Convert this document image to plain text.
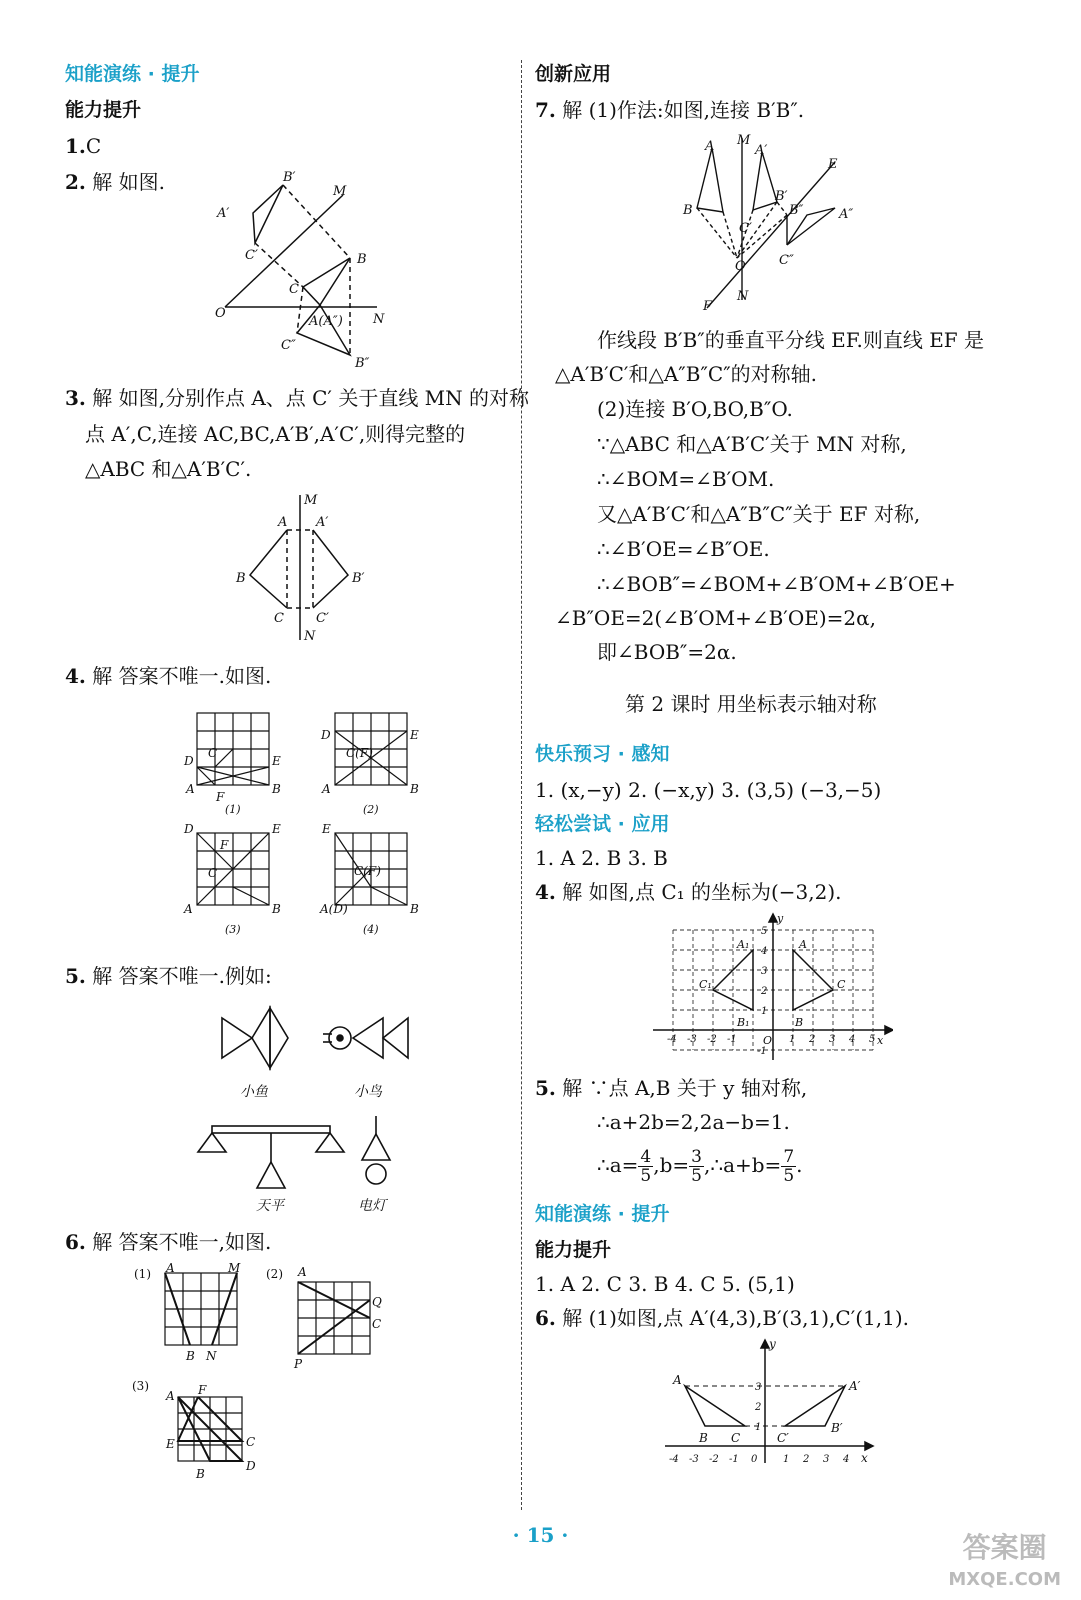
知能演练 · 提升
能力提升
1.C
2. 解 如图.	B′
A′
C′
M
B
C
O	N
A(A″)
C″
B″
3. 解 如图,分别作点 A、点 C′ 关于直线 MN 的对称
点 A′,C,连接 AC,BC,A′B′,A′C′,则得完整的
△ABC 和△A′B′C′.
M
A A′
B	B′
C C′
N
4. 解 答案不唯一.如图.
D	E
C
A	B
F
D	E
C(F)
A	B
D	E
F
C
A	B
E
C(F)
A(D)	B
(1)	(2)
(3)	(4)
5. 解 答案不唯一.例如:
小鱼	小鸟
天平	电灯
6. 解 答案不唯一,如图.
(1) A	M
B N
(2) A
Q
C
P
(3)
A F
E	C
D
B
创新应用
7. 解 (1)作法:如图,连接 B′B″.
M
A	A′
E
B
B′
B″	A″
C′
O	C″
F
N
作线段 B′B″的垂直平分线 EF.则直线 EF 是
△A′B′C′和△A″B″C″的对称轴.
(2)连接 B′O,BO,B″O.
∵△ABC 和△A′B′C′关于 MN 对称,
∴∠BOM=∠B′OM.
又△A′B′C′和△A″B″C″关于 EF 对称,
∴∠B′OE=∠B″OE.
∴∠BOB″=∠BOM+∠B′OM+∠B′OE+
∠B″OE=2(∠B′OM+∠B′OE)=2α,
即∠BOB″=2α.
第 2 课时 用坐标表示轴对称
快乐预习 · 感知
1. (x,−y) 2. (−x,y) 3. (3,5) (−3,−5)
轻松尝试 · 应用
1. A 2. B 3. B
4. 解 如图,点 C₁ 的坐标为(−3,2).
y
x
O
A₁	A
C₁	C
B₁	B
-4 -3 -2 -1	1 2 3 4 5
5
4
3
2
1
-1
5. 解 ∵点 A,B 关于 y 轴对称,
∴a+2b=2,2a−b=1.
∴a= $\frac{4}{5} ,b= \frac{3}{5}$ ,∴a+b= $\frac{7}{5}$ .
知能演练 · 提升
能力提升
1. A 2. C 3. B 4. C 5. (5,1)
6. 解 (1)如图,点 A′(4,3),B′(3,1),C′(1,1).
A	A′
B
B′
C	C′
y
x
3
2
1
-4 -3 -2 -1 0	1 2 3 4
· 15 ·	答案圈
MXQE.COM
